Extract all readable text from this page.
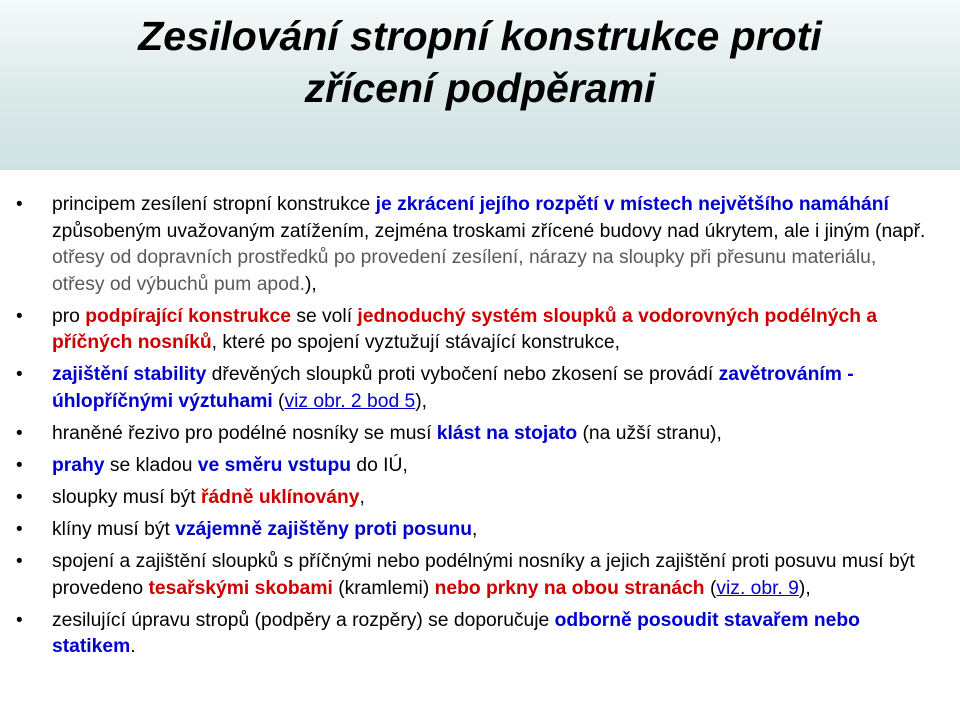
Zesilování stropní konstrukce proti
zřícení podpěrami
• principem zesílení stropní konstrukce je zkrácení jejího rozpětí v místech největšího namáhání způsobeným uvažovaným zatížením, zejména troskami zřícené budovy nad úkrytem, ale i jiným (např. otřesy od dopravních prostředků po provedení zesílení, nárazy na sloupky při přesunu materiálu, otřesy od výbuchů pum apod.),
• pro podpírající konstrukce se volí jednoduchý systém sloupků a vodorovných podélných a příčných nosníků, které po spojení vyztužují stávající konstrukce,
• zajištění stability dřevěných sloupků proti vybočení nebo zkosení se provádí zavětrováním - úhlopříčnými výztuhami (viz obr. 2 bod 5),
• hraněné řezivo pro podélné nosníky se musí klást na stojato (na užší stranu),
• prahy se kladou ve směru vstupu do IÚ,
• sloupky musí být řádně uklínovány,
• klíny musí být vzájemně zajištěny proti posunu,
• spojení a zajištění sloupků s příčnými nebo podélnými nosníky a jejich zajištění proti posuvu musí být provedeno tesařskými skobami (kramlemi) nebo prkny na obou stranách (viz. obr. 9),
• zesilující úpravu stropů (podpěry a rozpěry) se doporučuje odborně posoudit stavařem nebo statikem.
